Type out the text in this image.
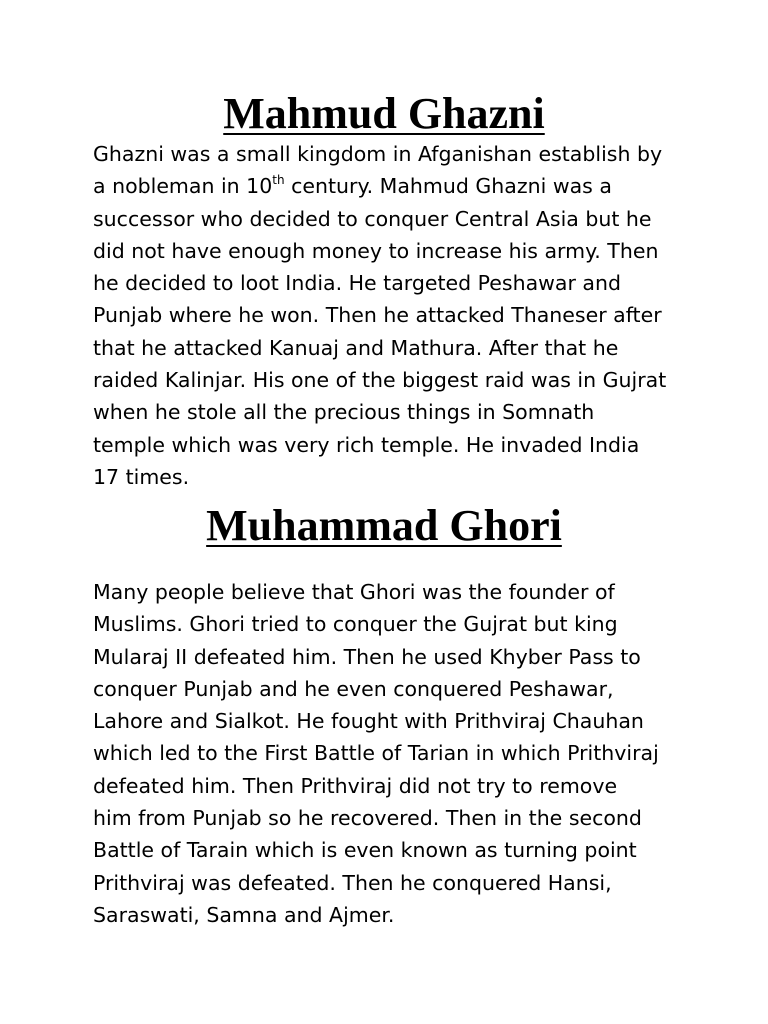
Mahmud Ghazni

Ghazni was a small kingdom in Afganishan establish by
a nobleman in 10th century. Mahmud Ghazni was a
successor who decided to conquer Central Asia but he
did not have enough money to increase his army. Then
he decided to loot India. He targeted Peshawar and
Punjab where he won. Then he attacked Thaneser after
that he attacked Kanuaj and Mathura. After that he
raided Kalinjar. His one of the biggest raid was in Gujrat
when he stole all the precious things in Somnath
temple which was very rich temple. He invaded India
17 times.

Muhammad Ghori

Many people believe that Ghori was the founder of
Muslims. Ghori tried to conquer the Gujrat but king
Mularaj II defeated him. Then he used Khyber Pass to
conquer Punjab and he even conquered Peshawar,
Lahore and Sialkot. He fought with Prithviraj Chauhan
which led to the First Battle of Tarian in which Prithviraj
defeated him. Then Prithviraj did not try to remove
him from Punjab so he recovered. Then in the second
Battle of Tarain which is even known as turning point
Prithviraj was defeated. Then he conquered Hansi,
Saraswati, Samna and Ajmer.
